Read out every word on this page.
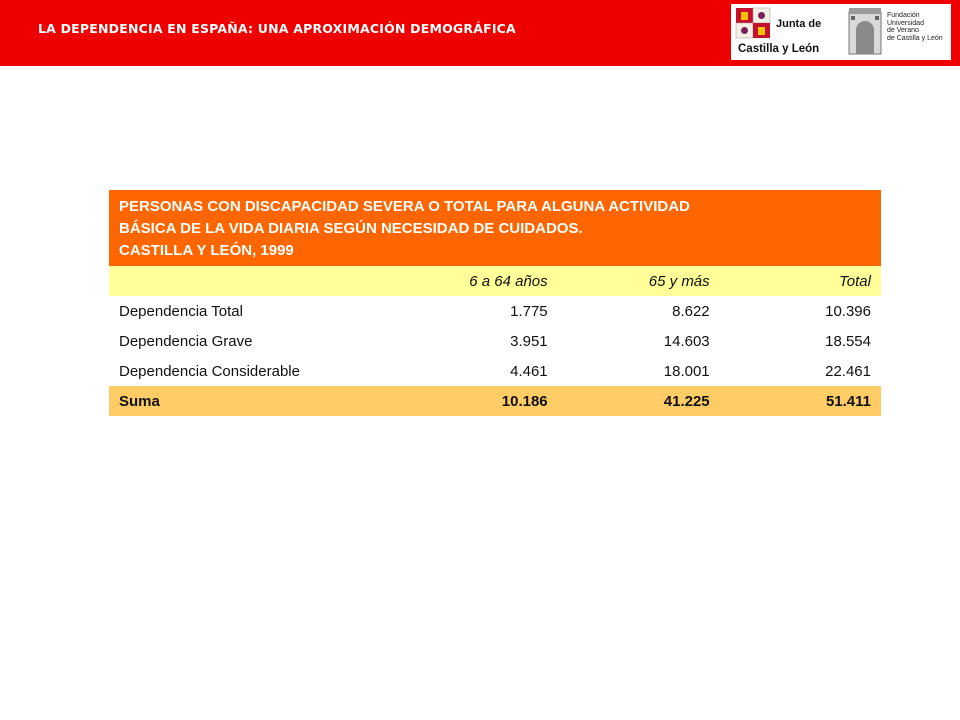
LA DEPENDENCIA EN ESPAÑA: UNA APROXIMACIÓN DEMOGRÁFICA	Junta de
Castilla y León
Fundación
Universidad
de Verano
de Castilla y León
PERSONAS CON DISCAPACIDAD SEVERA O TOTAL PARA ALGUNA ACTIVIDAD
BÁSICA DE LA VIDA DIARIA SEGÚN NECESIDAD DE CUIDADOS.
CASTILLA Y LEÓN, 1999
	6 a 64 años	65 y más	Total
Dependencia Total	1.775	8.622	10.396
Dependencia Grave	3.951	14.603	18.554
Dependencia Considerable	4.461	18.001	22.461
Suma	10.186	41.225	51.411
